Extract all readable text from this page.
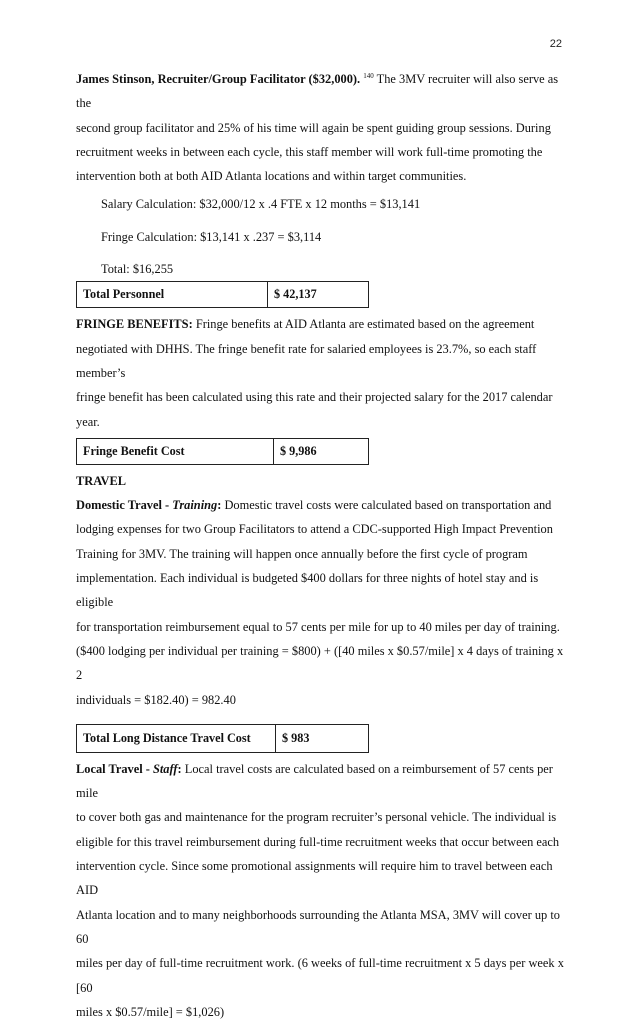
22

James Stinson, Recruiter/Group Facilitator ($32,000). $^{140}$ The 3MV recruiter will also serve as the
second group facilitator and 25% of his time will again be spent guiding group sessions. During
recruitment weeks in between each cycle, this staff member will work full-time promoting the
intervention both at both AID Atlanta locations and within target communities.

Salary Calculation: $32,000/12 x .4 FTE x 12 months = $13,141

Fringe Calculation: $13,141 x .237 = $3,114

Total: $16,255

Total Personnel	$ 42,137

FRINGE BENEFITS: Fringe benefits at AID Atlanta are estimated based on the agreement
negotiated with DHHS. The fringe benefit rate for salaried employees is 23.7%, so each staff member’s
fringe benefit has been calculated using this rate and their projected salary for the 2017 calendar year.

Fringe Benefit Cost	$ 9,986

TRAVEL

Domestic Travel - Training: Domestic travel costs were calculated based on transportation and
lodging expenses for two Group Facilitators to attend a CDC-supported High Impact Prevention
Training for 3MV. The training will happen once annually before the first cycle of program
implementation. Each individual is budgeted $400 dollars for three nights of hotel stay and is eligible
for transportation reimbursement equal to 57 cents per mile for up to 40 miles per day of training.
($400 lodging per individual per training = $800) + ([40 miles x $0.57/mile] x 4 days of training x 2
individuals = $182.40) = 982.40

Total Long Distance Travel Cost	$ 983

Local Travel - Staff: Local travel costs are calculated based on a reimbursement of 57 cents per mile
to cover both gas and maintenance for the program recruiter’s personal vehicle. The individual is
eligible for this travel reimbursement during full-time recruitment weeks that occur between each
intervention cycle. Since some promotional assignments will require him to travel between each AID
Atlanta location and to many neighborhoods surrounding the Atlanta MSA, 3MV will cover up to 60
miles per day of full-time recruitment work. (6 weeks of full-time recruitment x 5 days per week x [60
miles x $0.57/mile] = $1,026)
